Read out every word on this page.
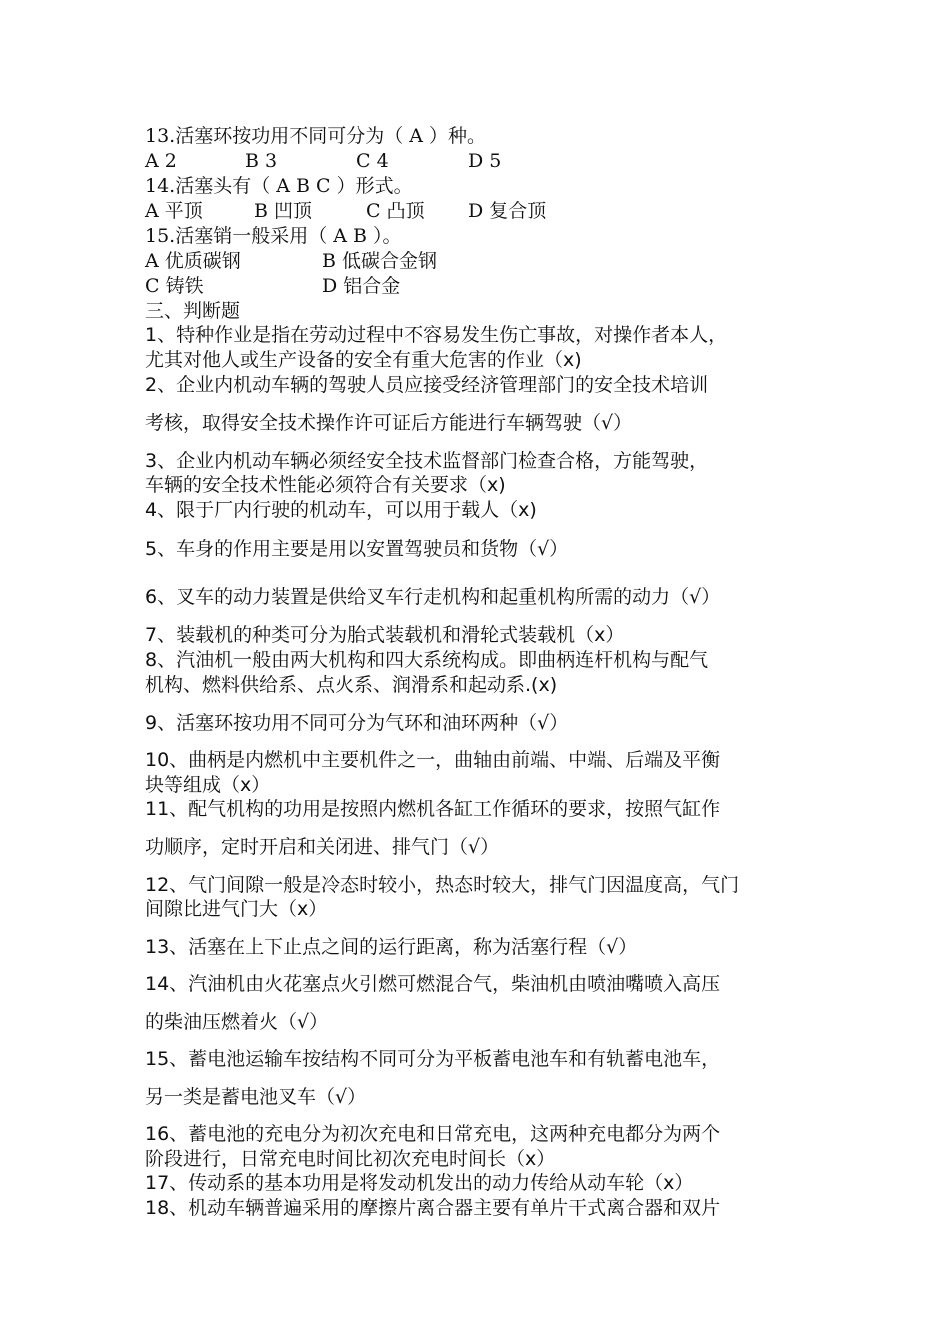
13.活塞环按功用不同可分为（ A ）种。

A 2	B 3	C 4	D 5

14.活塞头有（ A B C ）形式。

A 平顶	B 凹顶	C 凸顶 D 复合顶

15.活塞销一般采用（ A B ）。

A 优质碳钢	B 低碳合金钢

C 铸铁	D 铝合金

三、判断题

1、特种作业是指在劳动过程中不容易发生伤亡事故，对操作者本人，

尤其对他人或生产设备的安全有重大危害的作业（x)

2、企业内机动车辆的驾驶人员应接受经济管理部门的安全技术培训

考核，取得安全技术操作许可证后方能进行车辆驾驶（√）

3、企业内机动车辆必须经安全技术监督部门检查合格，方能驾驶，

车辆的安全技术性能必须符合有关要求（x)

4、限于厂内行驶的机动车，可以用于载人（x)

5、车身的作用主要是用以安置驾驶员和货物（√）

6、叉车的动力装置是供给叉车行走机构和起重机构所需的动力（√）

7、装载机的种类可分为胎式装载机和滑轮式装载机（x）

8、汽油机一般由两大机构和四大系统构成。即曲柄连杆机构与配气

机构、燃料供给系、点火系、润滑系和起动系.(x)

9、活塞环按功用不同可分为气环和油环两种（√）

10、曲柄是内燃机中主要机件之一，曲轴由前端、中端、后端及平衡

块等组成（x）

11、配气机构的功用是按照内燃机各缸工作循环的要求，按照气缸作

功顺序，定时开启和关闭进、排气门（√）

12、气门间隙一般是冷态时较小，热态时较大，排气门因温度高，气门

间隙比进气门大（x）

13、活塞在上下止点之间的运行距离，称为活塞行程（√）

14、汽油机由火花塞点火引燃可燃混合气，柴油机由喷油嘴喷入高压

的柴油压燃着火（√）

15、蓄电池运输车按结构不同可分为平板蓄电池车和有轨蓄电池车，

另一类是蓄电池叉车（√）

16、蓄电池的充电分为初次充电和日常充电，这两种充电都分为两个

阶段进行，日常充电时间比初次充电时间长（x）

17、传动系的基本功用是将发动机发出的动力传给从动车轮（x）

18、机动车辆普遍采用的摩擦片离合器主要有单片干式离合器和双片
